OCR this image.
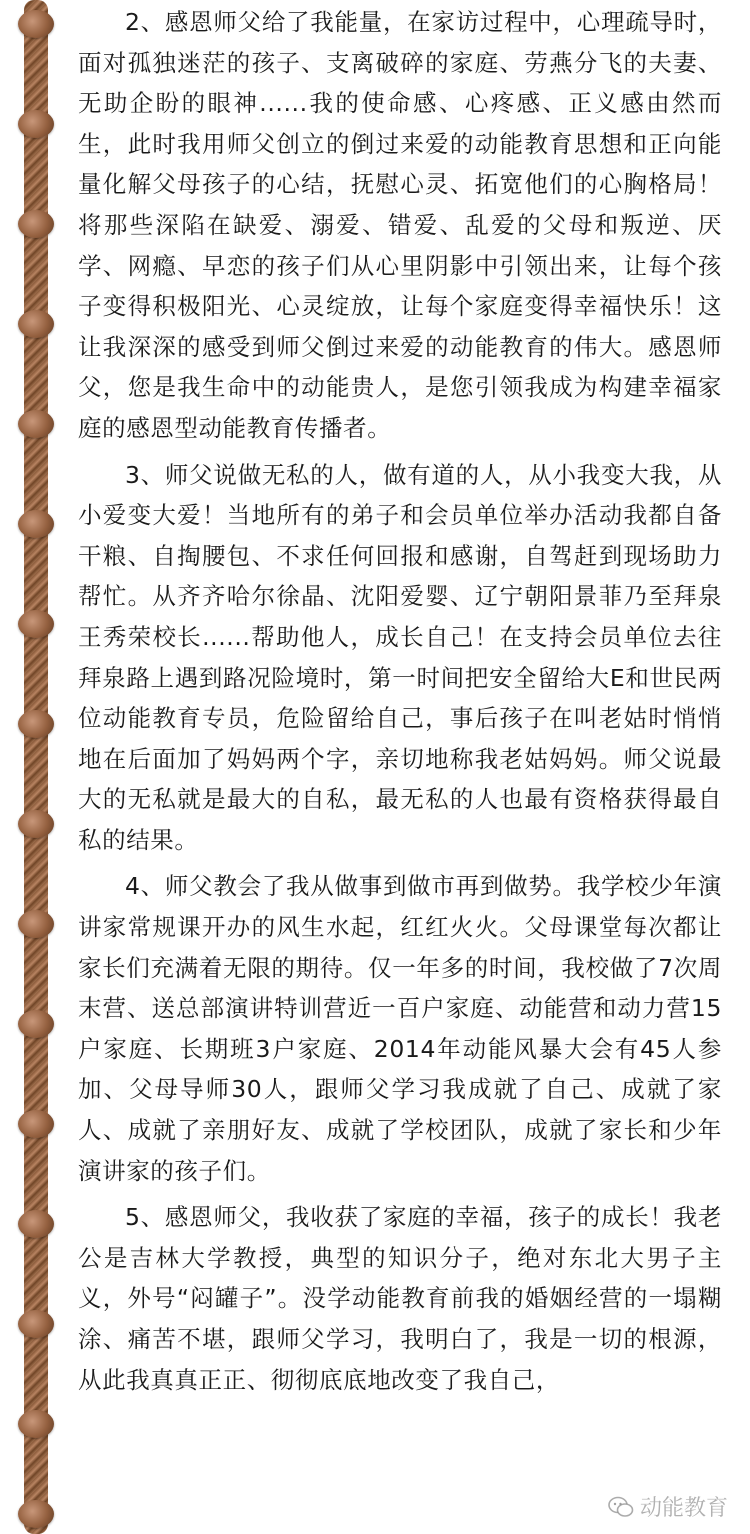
2、感恩师父给了我能量，在家访过程中，心理疏导时，面对孤独迷茫的孩子、支离破碎的家庭、劳燕分飞的夫妻、无助企盼的眼神......我的使命感、心疼感、正义感由然而生，此时我用师父创立的倒过来爱的动能教育思想和正向能量化解父母孩子的心结，抚慰心灵、拓宽他们的心胸格局！将那些深陷在缺爱、溺爱、错爱、乱爱的父母和叛逆、厌学、网瘾、早恋的孩子们从心里阴影中引领出来，让每个孩子变得积极阳光、心灵绽放，让每个家庭变得幸福快乐！这让我深深的感受到师父倒过来爱的动能教育的伟大。感恩师父，您是我生命中的动能贵人，是您引领我成为构建幸福家庭的感恩型动能教育传播者。

3、师父说做无私的人，做有道的人，从小我变大我，从小爱变大爱！当地所有的弟子和会员单位举办活动我都自备干粮、自掏腰包、不求任何回报和感谢，自驾赶到现场助力帮忙。从齐齐哈尔徐晶、沈阳爱婴、辽宁朝阳景菲乃至拜泉王秀荣校长......帮助他人，成长自己！在支持会员单位去往拜泉路上遇到路况险境时，第一时间把安全留给大E和世民两位动能教育专员，危险留给自己，事后孩子在叫老姑时悄悄地在后面加了妈妈两个字，亲切地称我老姑妈妈。师父说最大的无私就是最大的自私，最无私的人也最有资格获得最自私的结果。

4、师父教会了我从做事到做市再到做势。我学校少年演讲家常规课开办的风生水起，红红火火。父母课堂每次都让家长们充满着无限的期待。仅一年多的时间，我校做了7次周末营、送总部演讲特训营近一百户家庭、动能营和动力营15户家庭、长期班3户家庭、2014年动能风暴大会有45人参加、父母导师30人，跟师父学习我成就了自己、成就了家人、成就了亲朋好友、成就了学校团队，成就了家长和少年演讲家的孩子们。

5、感恩师父，我收获了家庭的幸福，孩子的成长！我老公是吉林大学教授，典型的知识分子，绝对东北大男子主义，外号“闷罐子”。没学动能教育前我的婚姻经营的一塌糊涂、痛苦不堪，跟师父学习，我明白了，我是一切的根源，从此我真真正正、彻彻底底地改变了我自己，

动能教育
